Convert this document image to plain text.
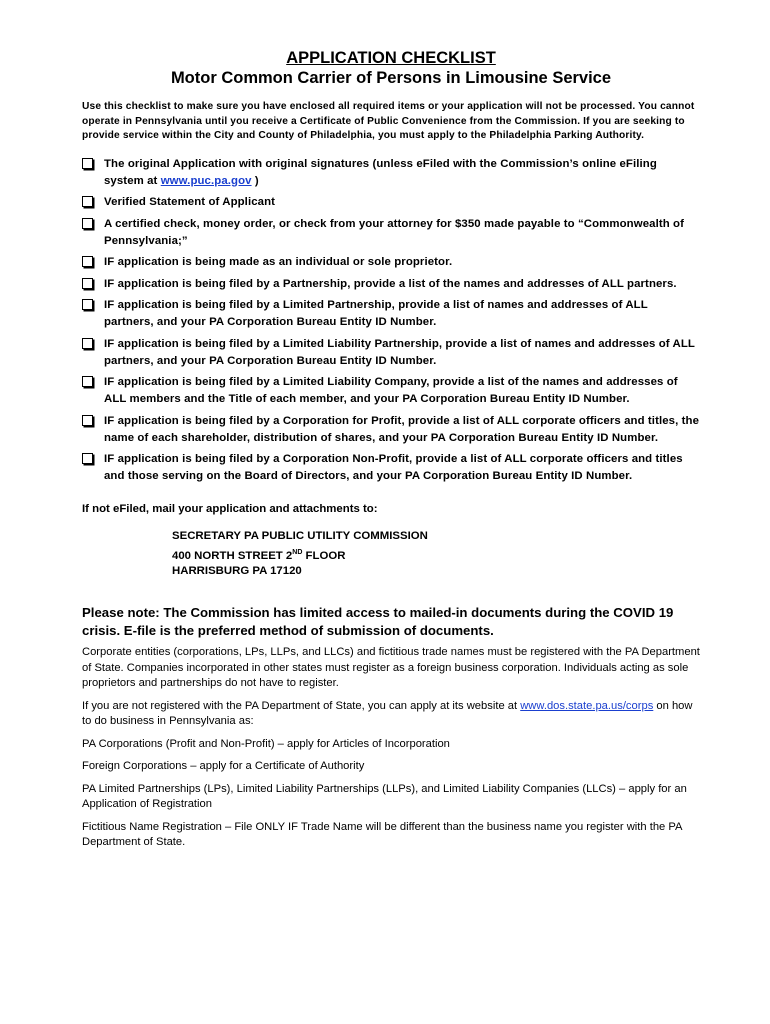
APPLICATION CHECKLIST
Motor Common Carrier of Persons in Limousine Service
Use this checklist to make sure you have enclosed all required items or your application will not be processed. You cannot operate in Pennsylvania until you receive a Certificate of Public Convenience from the Commission. If you are seeking to provide service within the City and County of Philadelphia, you must apply to the Philadelphia Parking Authority.
The original Application with original signatures (unless eFiled with the Commission’s online eFiling system at www.puc.pa.gov )
Verified Statement of Applicant
A certified check, money order, or check from your attorney for $350 made payable to “Commonwealth of Pennsylvania;”
IF application is being made as an individual or sole proprietor.
IF application is being filed by a Partnership, provide a list of the names and addresses of ALL partners.
IF application is being filed by a Limited Partnership, provide a list of names and addresses of ALL partners, and your PA Corporation Bureau Entity ID Number.
IF application is being filed by a Limited Liability Partnership, provide a list of names and addresses of ALL partners, and your PA Corporation Bureau Entity ID Number.
IF application is being filed by a Limited Liability Company, provide a list of the names and addresses of ALL members and the Title of each member, and your PA Corporation Bureau Entity ID Number.
IF application is being filed by a Corporation for Profit, provide a list of ALL corporate officers and titles, the name of each shareholder, distribution of shares, and your PA Corporation Bureau Entity ID Number.
IF application is being filed by a Corporation Non-Profit, provide a list of ALL corporate officers and titles and those serving on the Board of Directors, and your PA Corporation Bureau Entity ID Number.
If not eFiled, mail your application and attachments to:
SECRETARY PA PUBLIC UTILITY COMMISSION
400 NORTH STREET 2ND FLOOR
HARRISBURG PA 17120
Please note: The Commission has limited access to mailed-in documents during the COVID 19 crisis. E-file is the preferred method of submission of documents.
Corporate entities (corporations, LPs, LLPs, and LLCs) and fictitious trade names must be registered with the PA Department of State. Companies incorporated in other states must register as a foreign business corporation. Individuals acting as sole proprietors and partnerships do not have to register.
If you are not registered with the PA Department of State, you can apply at its website at www.dos.state.pa.us/corps on how to do business in Pennsylvania as:
PA Corporations (Profit and Non-Profit) – apply for Articles of Incorporation
Foreign Corporations – apply for a Certificate of Authority
PA Limited Partnerships (LPs), Limited Liability Partnerships (LLPs), and Limited Liability Companies (LLCs) – apply for an Application of Registration
Fictitious Name Registration – File ONLY IF Trade Name will be different than the business name you register with the PA Department of State.
